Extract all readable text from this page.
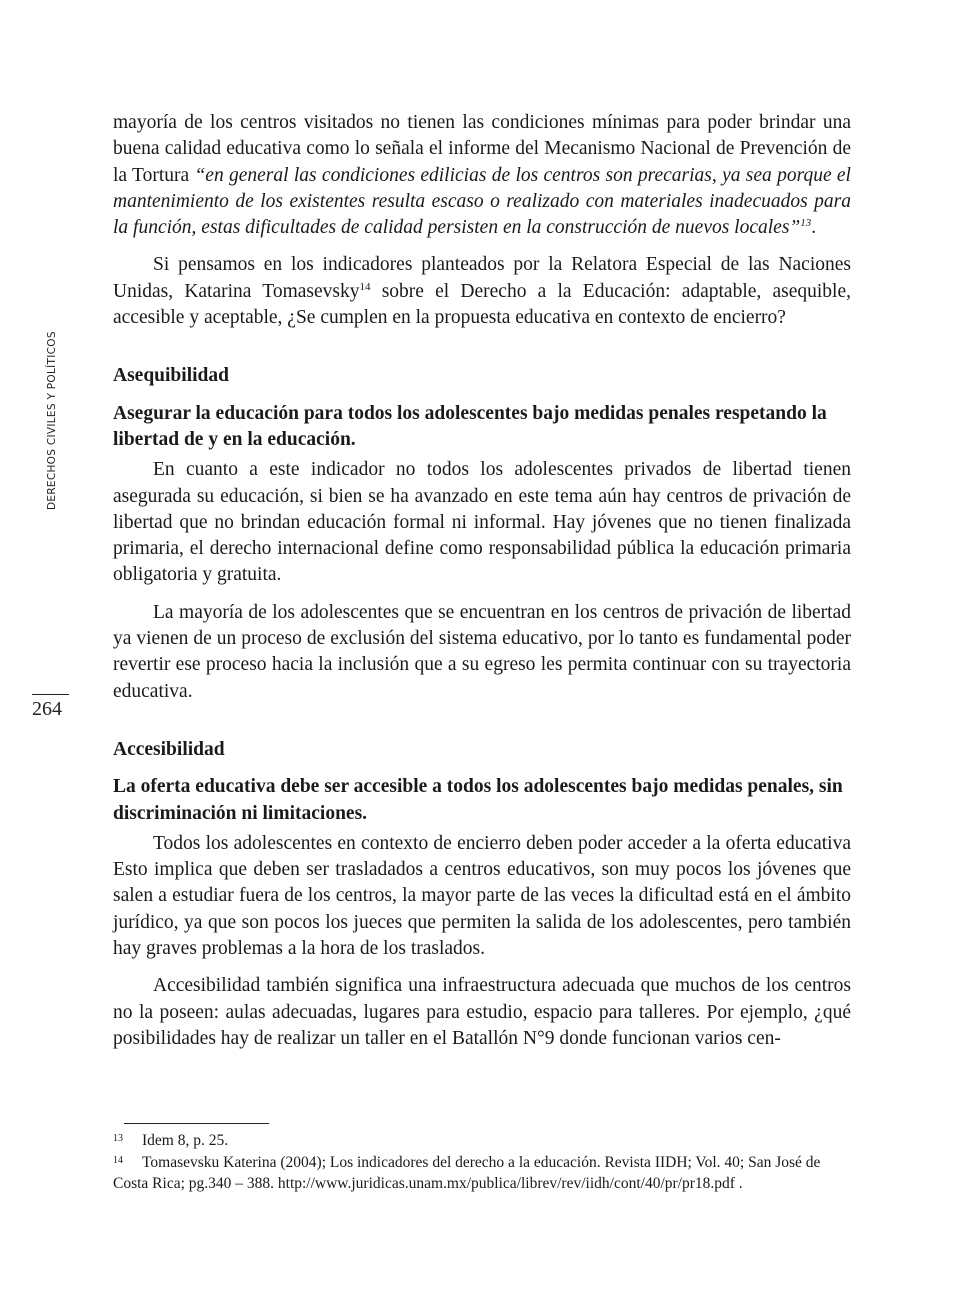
DERECHOS CIVILES Y POLÍTICOS
264

mayoría de los centros visitados no tienen las condiciones mínimas para poder brindar una buena calidad educativa como lo señala el informe del Mecanismo Nacional de Prevención de la Tortura “en general las condiciones edilicias de los centros son precarias, ya sea porque el mantenimiento de los existentes resulta escaso o realizado con materiales inadecuados para la función, estas dificultades de calidad persisten en la construcción de nuevos locales”$^{13}$.

Si pensamos en los indicadores planteados por la Relatora Especial de las Naciones Unidas, Katarina Tomasevsky$^{14}$ sobre el Derecho a la Educación: adaptable, asequible, accesible y aceptable, ¿Se cumplen en la propuesta educativa en contexto de encierro?

Asequibilidad
Asegurar la educación para todos los adolescentes bajo medidas penales respetando la libertad de y en la educación.

En cuanto a este indicador no todos los adolescentes privados de libertad tienen asegurada su educación, si bien se ha avanzado en este tema aún hay centros de privación de libertad que no brindan educación formal ni informal. Hay jóvenes que no tienen finalizada primaria, el derecho internacional define como responsabilidad pública la educación primaria obligatoria y gratuita.

La mayoría de los adolescentes que se encuentran en los centros de privación de libertad ya vienen de un proceso de exclusión del sistema educativo, por lo tanto es fundamental poder revertir ese proceso hacia la inclusión que a su egreso les permita continuar con su trayectoria educativa.

Accesibilidad
La oferta educativa debe ser accesible a todos los adolescentes bajo medidas penales, sin discriminación ni limitaciones.

Todos los adolescentes en contexto de encierro deben poder acceder a la oferta educativa Esto implica que deben ser trasladados a centros educativos, son muy pocos los jóvenes que salen a estudiar fuera de los centros, la mayor parte de las veces la dificultad está en el ámbito jurídico, ya que son pocos los jueces que permiten la salida de los adolescentes, pero también hay graves problemas a la hora de los traslados.

Accesibilidad también significa una infraestructura adecuada que muchos de los centros no la poseen: aulas adecuadas, lugares para estudio, espacio para talleres. Por ejemplo, ¿qué posibilidades hay de realizar un taller en el Batallón N°9 donde funcionan varios cen-

13 Idem 8, p. 25.

14 Tomasevsku Katerina (2004); Los indicadores del derecho a la educación. Revista IIDH; Vol. 40; San José de Costa Rica; pg.340 – 388. http://www.juridicas.unam.mx/publica/librev/rev/iidh/cont/40/pr/pr18.pdf .
